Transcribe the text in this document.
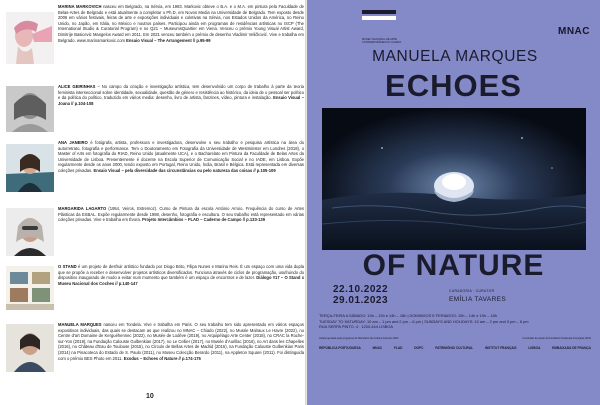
MARINA MARKOVICH nasceu em Belgrado, na Sérvia, em 1983. Markovic obteve o B.A. e o M.A. em pintura pela Faculdade de Belas-Artes de Belgrado e está atualmente a completar o Ph.D. em Novos Media na Universidade de Belgrado. Tem exposto desde 2006 em vários festivais, feiras de arte e exposições individuais e coletivas na Sérvia, nos Estados Unidos da América, no Reino Unido, no Japão, em Itália, no México e noutros países. Participou ainda em programas de residências artísticas no ISCP (The International Studio & Curatorial Program) e no Q21 – MuseumsQuartier em Viena. Venceu o prémio Young Visual Artist Award, Dimitrije Basicevic Mangelos Award em 2011. Em 2021 venceu também o prémio de desenho Vladimir Veličković. Vive e trabalha em Belgrado. www.marinamarkovic.com Ensaio Visual – The Arrangement // p.95-99

ALICE GEIRINHAS – No campo da criação e investigação artística, tem desenvolvido um corpo de trabalho à parte da teoria feminista interseccional sobre identidade, sexualidade, questão de género e resistência ao histórico, da ideia de o pessoal ser político e da política do político, traduzido em vários media: desenho, livro de artista, fanzines, vídeo, pintura e instalação. Ensaio Visual – Joana // p.104-108

ANA JANEIRO é fotógrafa, artista, professora e investigadora, desenvolve o seu trabalho e pesquisa artística na área do autorretrato, fotografia e performance. Tem o Doutoramento em Fotografia da Universidade de Westminster em Londres (2018), o Master of Arts em fotografia do RIAD, Reino Unido (atualmente UCA), e o Bacharelato em Pintura da Faculdade de Belas Artes da Universidade de Lisboa. Presentemente é docente na Escola Superior de Comunicação Social e no IADE, em Lisboa. Expõe regularmente desde os anos 2000, tendo exposto em Portugal, Reino Unido, Índia, Brasil e Bélgica. Está representada em diversas coleções privadas. Ensaio Visual – pela diversidade das circunstâncias ou pelo natureza das coisas // p.105-109

MARGARIDA LAGARTO (1954, Veiros, Estremoz). Curso de Pintura da escola António Arroio. Frequência do curso de Artes Plásticas da ESBAL. Expõe regularmente desde 1988, desenho, fotografia e escultura. O seu trabalho está representado em várias coleções privadas. Vive e trabalha em Évora. Projeto Intercâmbios – FLAD – Caderno de Campo // p.133-139

O STAND é um projeto de desfruir artístico fundado por Diogo Brito, Filipa Nunes e Marina Reis. É um espaço com uma vida dupla que se propõe a receber e desenvolver projetos artísticos diversificados. Funciona através de ciclos de programação, usufruindo do dispositivo inaugurado de modo a evitar num momento que também é um espaço de encontros e de lazer. Diálogo #17 – O Stand x Museu Nacional dos Coches // p.140-147

MANUELA MARQUES nasceu em Tondela. Vive e trabalha em Paris. O seu trabalho tem sido apresentado em vários espaços expositivos individuais, das quais se destacam as que realizou no MNAC – Chiado (2022), no Musée Malraux Le Havre (2022), no Centre d'art Domaine de Kerguéhennec (2022), no Musée de Lodève (2019), no Arquipélago Arte Center (2018), no CRAC la Roche-sur-Yon (2019), na Fundação Calouste Gulbenkian (2017), no Le Cellier (2017), no Musée d'Aurillac (2016), no Art dans les Chapelles (2016), no Château d'Eau de Toulouse (2015), no Círculo de Bellas Artes de Madrid (2015), na Fundação Calouste Gulbenkian Paris (2014) na Pinacoteca do Estado de S. Paulo (2011), no Museu Colecção Berardo (2011), na Appleton Square (2011). Foi distinguida com o prémio BES Photo em 2011. Exodus – Echoes of Nature // p.174-175

10
MUSEU NACIONAL DE ARTE CONTEMPORÂNEA DO CHIADO
MNAC
MANUELA MARQUES
ECHOES
OF NATURE
22.10.2022
29.01.2023
CURADORIA · CURATOR
EMÍLIA TAVARES
TERÇA-FEIRA A SÁBADO: 10h – 13h e 14h – 18h | DOMINGOS E FERIADOS: 10h – 14h e 15h – 18h
TUESDAY TO SATURDAY: 10 am – 1 pm and 2 pm – 6 pm | SUNDAYS AND HOLIDAYS: 10 am – 2 pm and 3 pm – 6 pm
RUA SERPA PINTO, 4 · 1200-444 LISBOA
Artista apoiada pelo programa do Ministério da Cultura Francês 2022	Comissão de Apoio da Fondation Nationale Française 2022
REPÚBLICA PORTUGUESA	MNAC	FLAD	DGPC	PATRIMÓNIO CULTURAL	INSTITUT FRANÇAIS	LISBOA	EMBAIXADA DE FRANÇA
